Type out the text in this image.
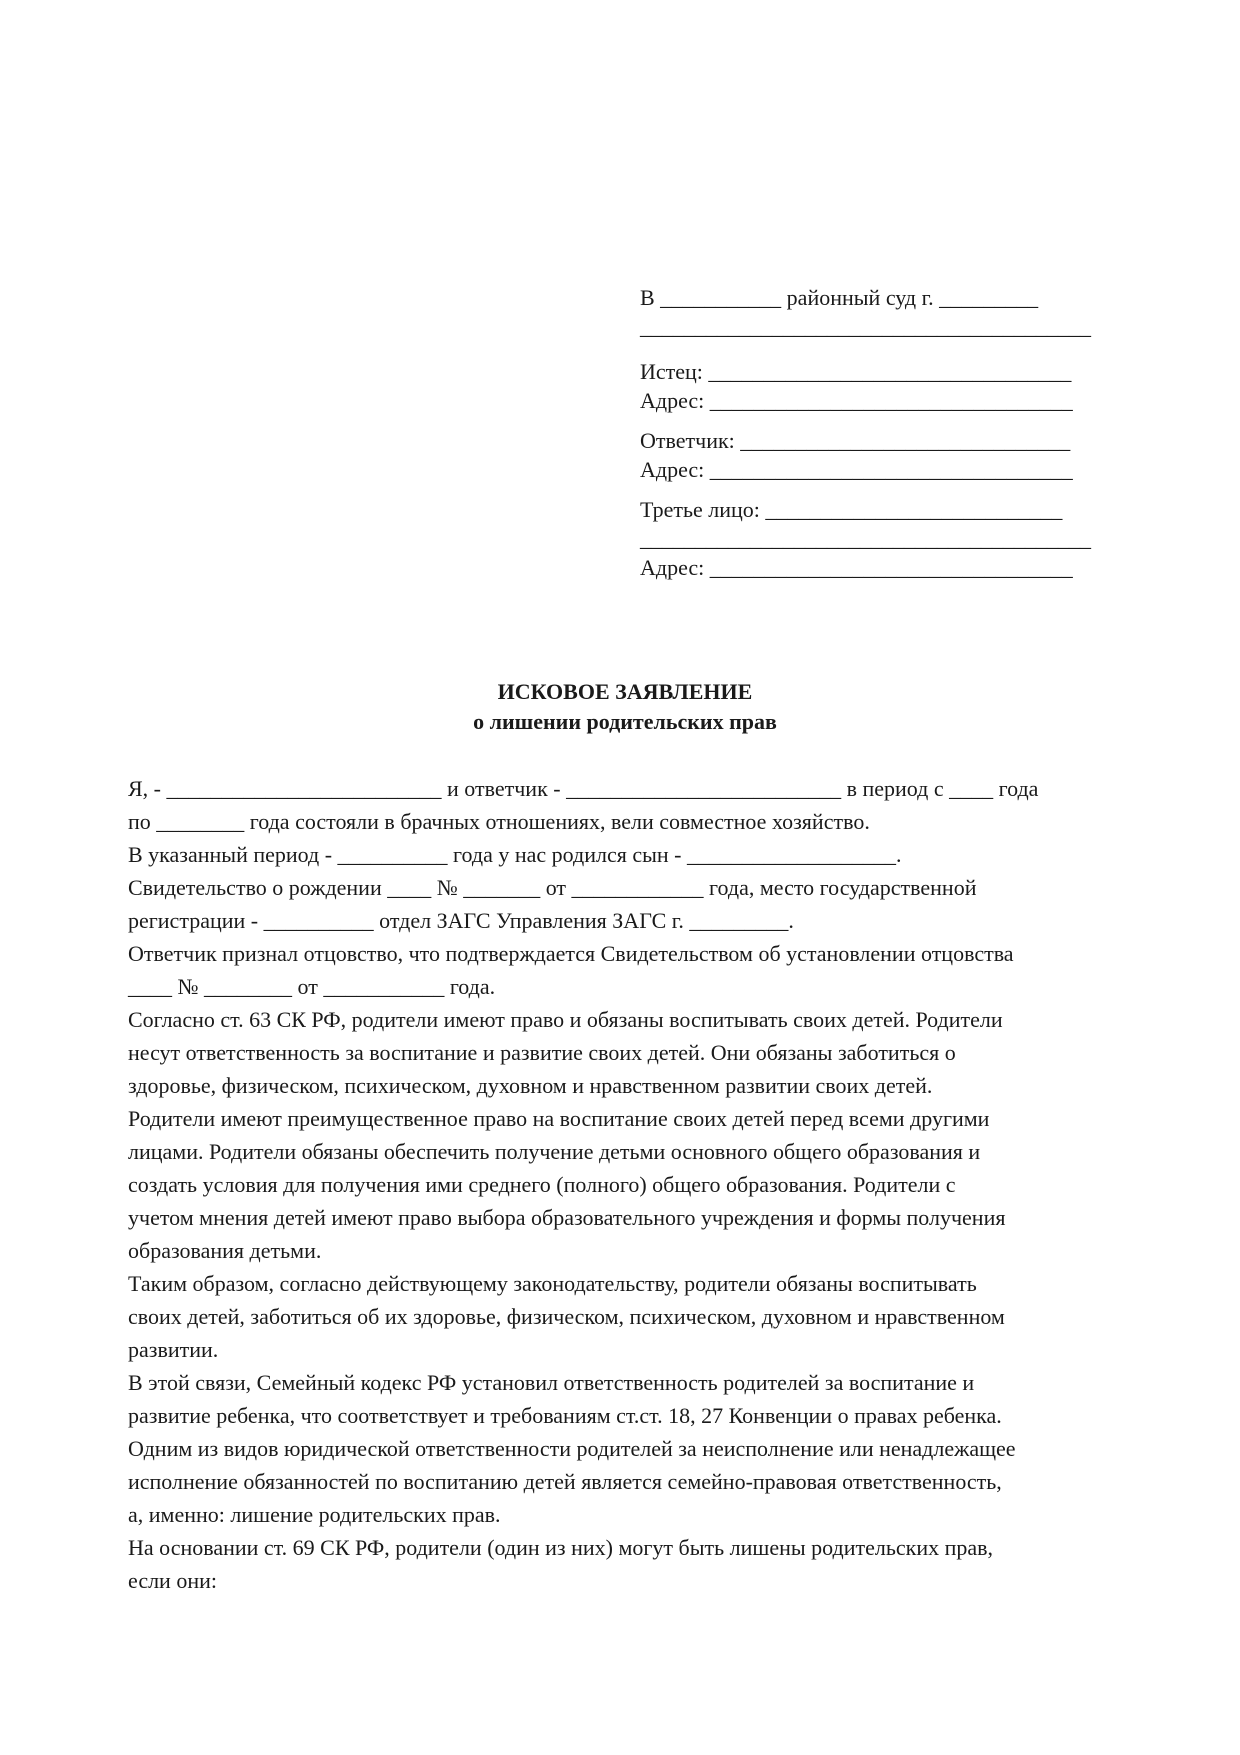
В ___________ районный суд г. _________
_________________________________________
Истец: _________________________________
Адрес: _________________________________
Ответчик: ______________________________
Адрес: _________________________________
Третье лицо: ___________________________
_________________________________________
Адрес: _________________________________
ИСКОВОЕ ЗАЯВЛЕНИЕ
о лишении родительских прав
Я, - _________________________ и ответчик - _________________________ в период с ____ года
по ________ года состояли в брачных отношениях, вели совместное хозяйство.
В указанный период - __________ года у нас родился сын - ___________________.
Свидетельство о рождении ____ № _______ от ____________ года, место государственной
регистрации - __________ отдел ЗАГС Управления ЗАГС г. _________.
Ответчик признал отцовство, что подтверждается Свидетельством об установлении отцовства
____ № ________ от ___________ года.
Согласно ст. 63 СК РФ, родители имеют право и обязаны воспитывать своих детей. Родители
несут ответственность за воспитание и развитие своих детей. Они обязаны заботиться о
здоровье, физическом, психическом, духовном и нравственном развитии своих детей.
Родители имеют преимущественное право на воспитание своих детей перед всеми другими
лицами. Родители обязаны обеспечить получение детьми основного общего образования и
создать условия для получения ими среднего (полного) общего образования. Родители с
учетом мнения детей имеют право выбора образовательного учреждения и формы получения
образования детьми.
Таким образом, согласно действующему законодательству, родители обязаны воспитывать
своих детей, заботиться об их здоровье, физическом, психическом, духовном и нравственном
развитии.
В этой связи, Семейный кодекс РФ установил ответственность родителей за воспитание и
развитие ребенка, что соответствует и требованиям ст.ст. 18, 27 Конвенции о правах ребенка.
Одним из видов юридической ответственности родителей за неисполнение или ненадлежащее
исполнение обязанностей по воспитанию детей является семейно-правовая ответственность,
а, именно: лишение родительских прав.
На основании ст. 69 СК РФ, родители (один из них) могут быть лишены родительских прав,
если они:
